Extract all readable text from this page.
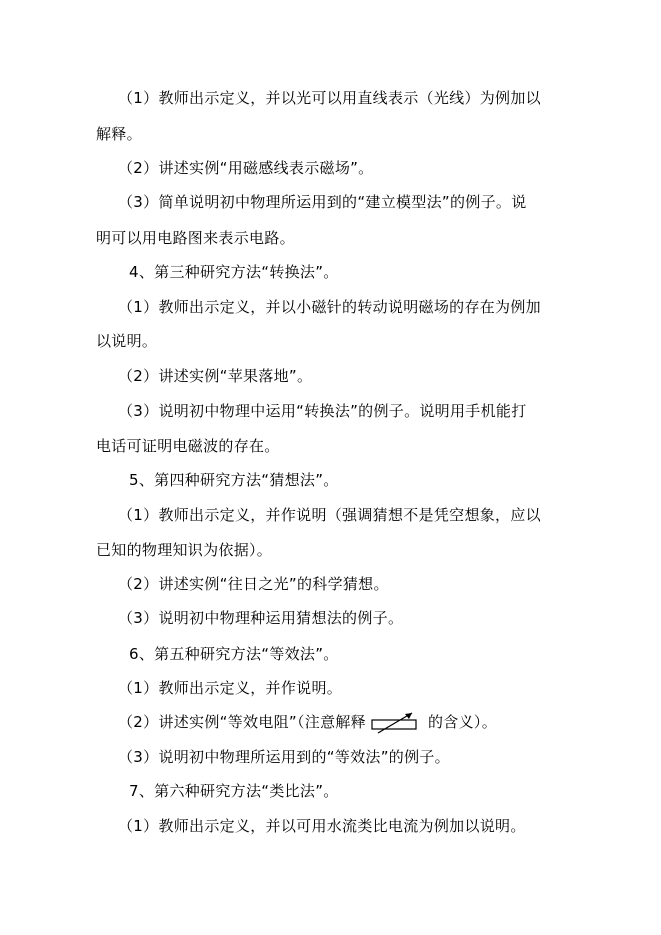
（1）教师出示定义，并以光可以用直线表示（光线）为例加以
解释。
（2）讲述实例“用磁感线表示磁场”。
（3）简单说明初中物理所运用到的“建立模型法”的例子。说
明可以用电路图来表示电路。
4、第三种研究方法“转换法”。
（1）教师出示定义，并以小磁针的转动说明磁场的存在为例加
以说明。
（2）讲述实例“苹果落地”。
（3）说明初中物理中运用“转换法”的例子。说明用手机能打
电话可证明电磁波的存在。
5、第四种研究方法“猜想法”。
（1）教师出示定义，并作说明（强调猜想不是凭空想象，应以
已知的物理知识为依据）。
（2）讲述实例“往日之光”的科学猜想。
（3）说明初中物理种运用猜想法的例子。
6、第五种研究方法“等效法”。
（1）教师出示定义，并作说明。
（2）讲述实例“等效电阻”（注意解释	的含义）。
（3）说明初中物理所运用到的“等效法”的例子。
7、第六种研究方法“类比法”。
（1）教师出示定义，并以可用水流类比电流为例加以说明。
